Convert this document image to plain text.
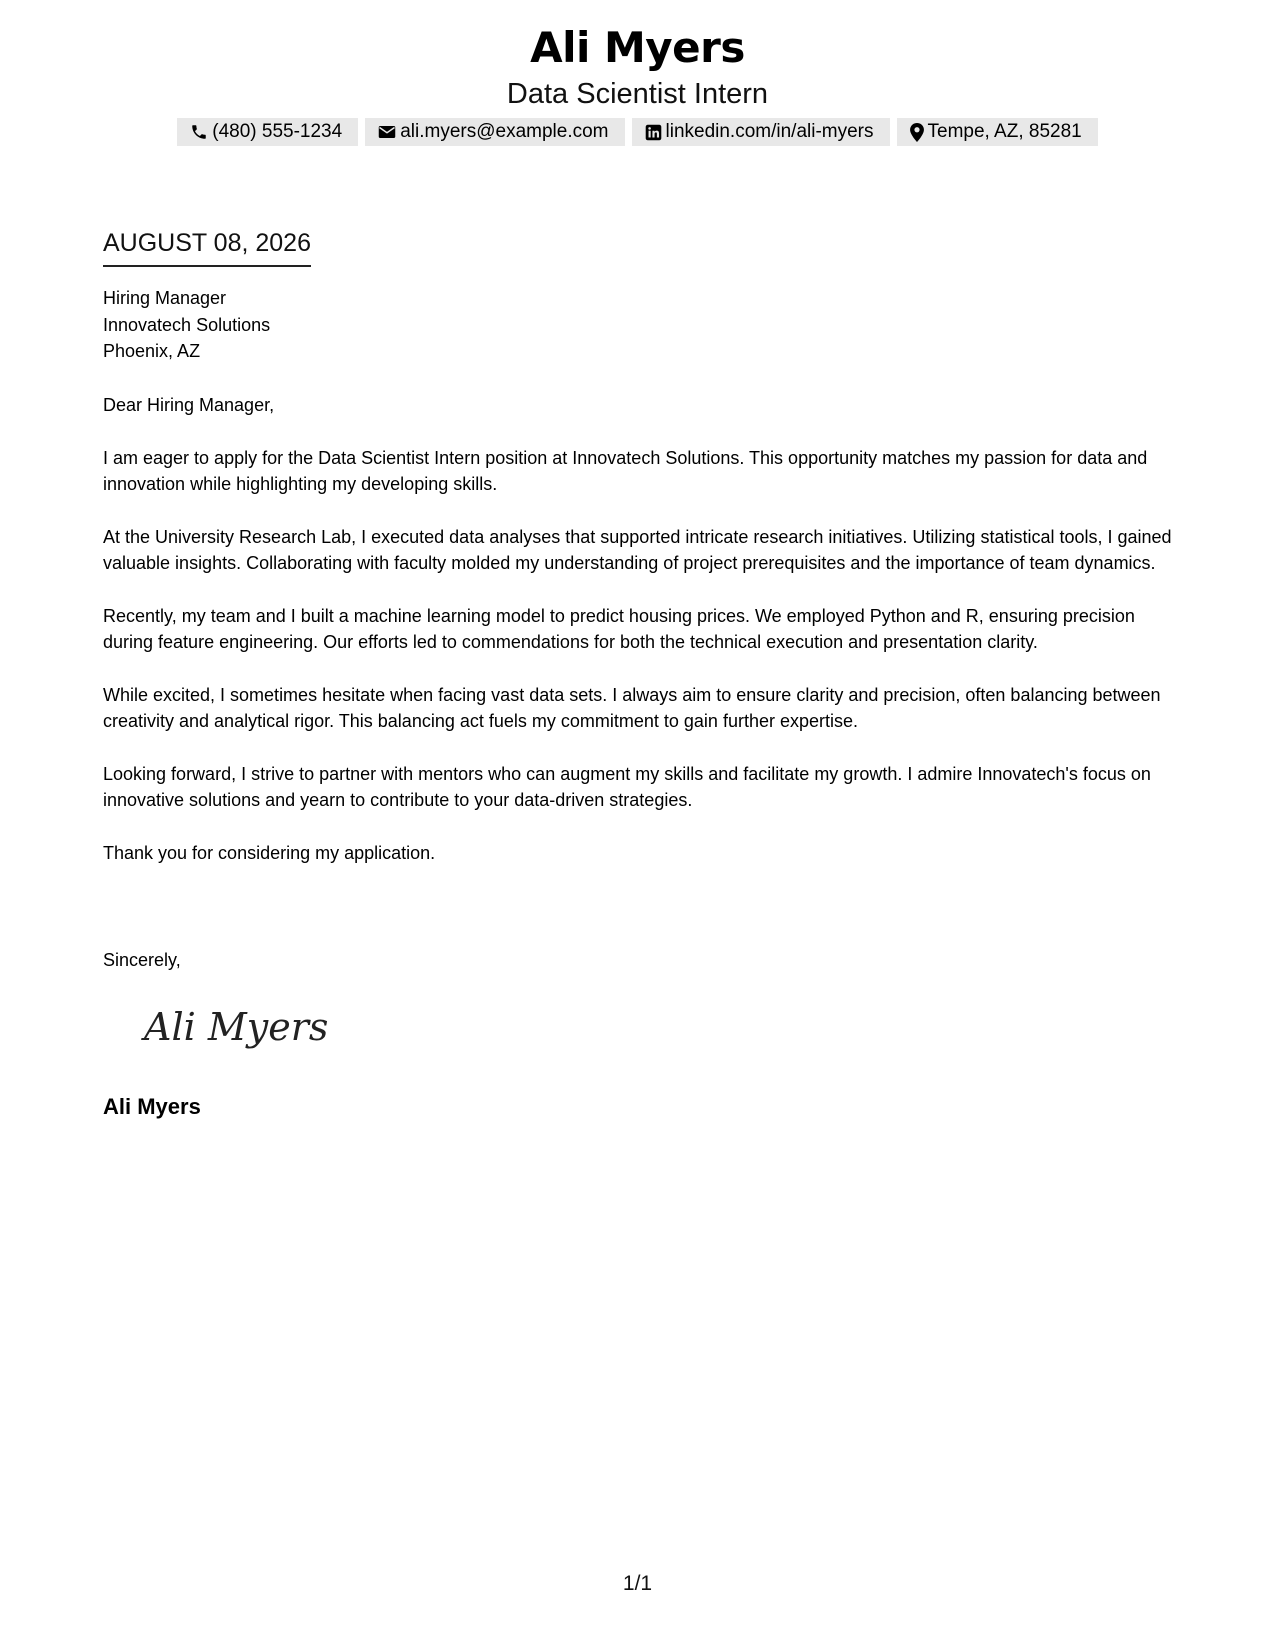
Ali Myers
Data Scientist Intern
(480) 555-1234	ali.myers@example.com	linkedin.com/in/ali-myers	Tempe, AZ, 85281
AUGUST 08, 2026
Hiring Manager
Innovatech Solutions
Phoenix, AZ

Dear Hiring Manager,

I am eager to apply for the Data Scientist Intern position at Innovatech Solutions. This opportunity matches my passion for data and innovation while highlighting my developing skills.

At the University Research Lab, I executed data analyses that supported intricate research initiatives. Utilizing statistical tools, I gained valuable insights. Collaborating with faculty molded my understanding of project prerequisites and the importance of team dynamics.

Recently, my team and I built a machine learning model to predict housing prices. We employed Python and R, ensuring precision during feature engineering. Our efforts led to commendations for both the technical execution and presentation clarity.

While excited, I sometimes hesitate when facing vast data sets. I always aim to ensure clarity and precision, often balancing between creativity and analytical rigor. This balancing act fuels my commitment to gain further expertise.

Looking forward, I strive to partner with mentors who can augment my skills and facilitate my growth. I admire Innovatech's focus on innovative solutions and yearn to contribute to your data-driven strategies.

Thank you for considering my application.

Sincerely,
Ali Myers
Ali Myers
1/1
